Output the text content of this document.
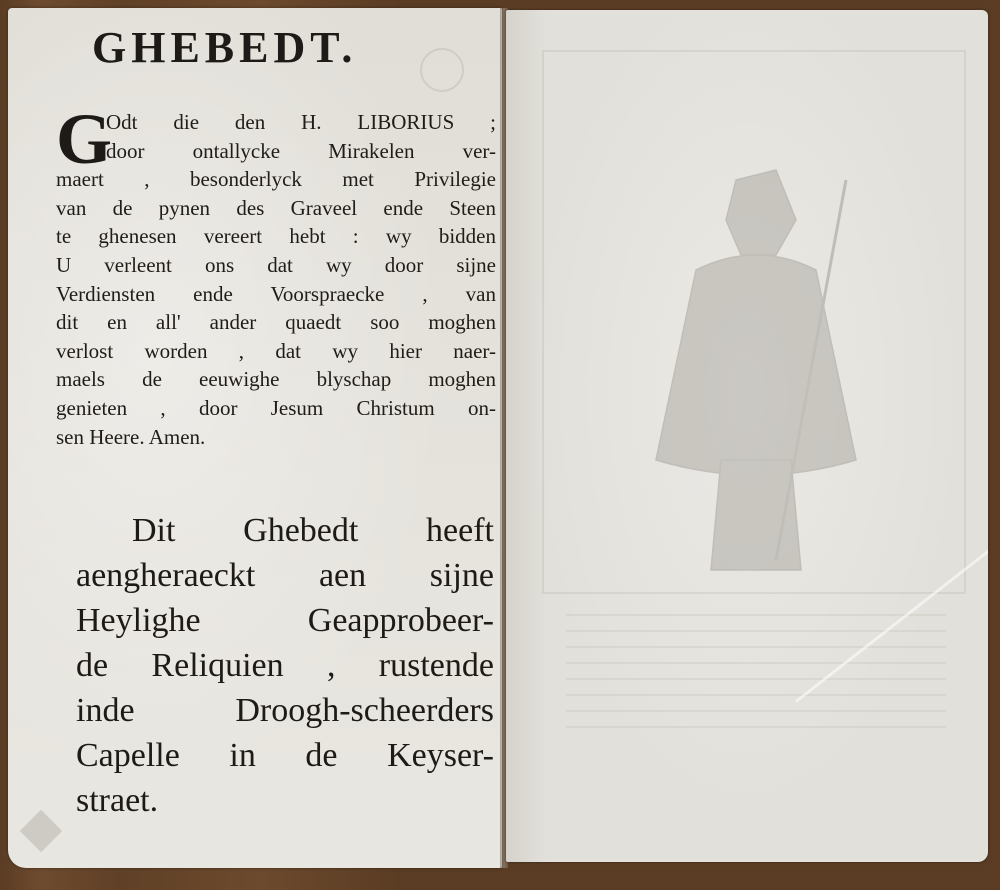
GHEBEDT.
G
Odt die den H. LIBORIUS ;
door ontallycke Mirakelen ver-
maert , besonderlyck met Privilegie
van de pynen des Graveel ende Steen
te ghenesen vereert hebt : wy bidden
U verleent ons dat wy door sijne
Verdiensten ende Voorspraecke , van
dit en all' ander quaedt soo moghen
verlost worden , dat wy hier naer-
maels de eeuwighe blyschap moghen
genieten , door Jesum Christum on-
sen Heere. Amen.
Dit Ghebedt heeft
aengheraeckt aen sijne
Heylighe Geapprobeer-
de Reliquien , rustende
inde Droogh-scheerders
Capelle in de Keyser-
straet.
